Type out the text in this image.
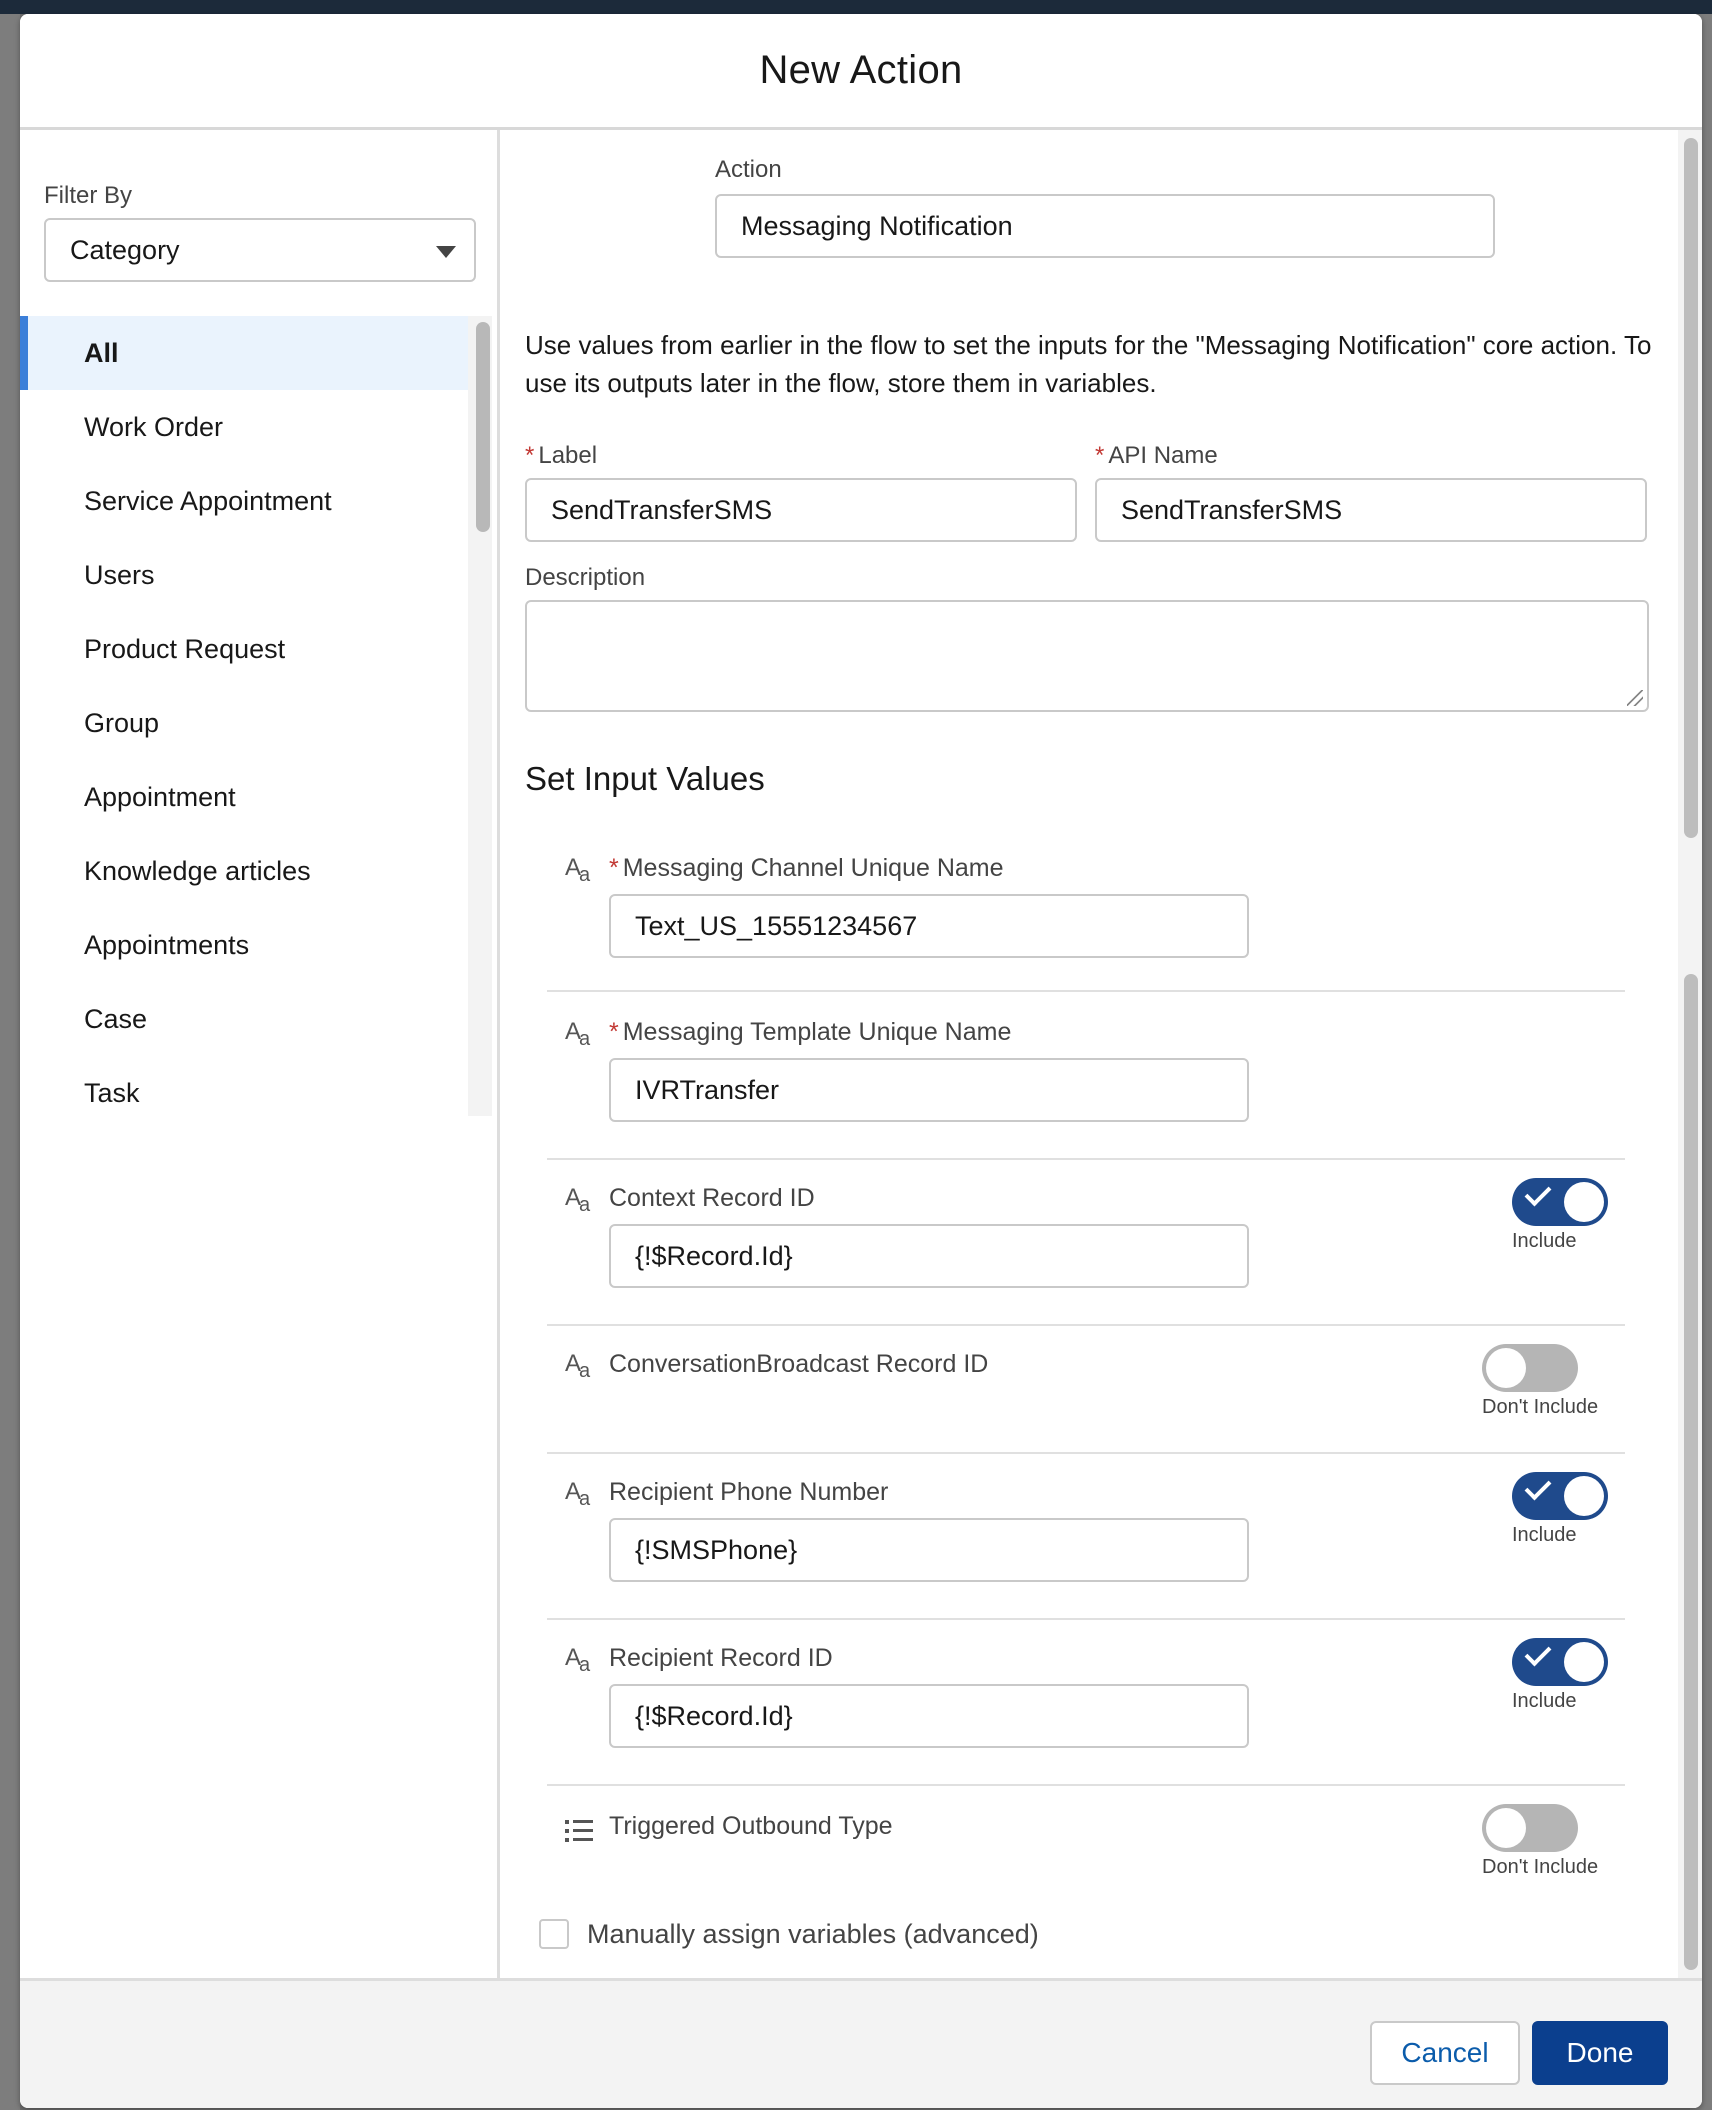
New Action
Filter By
Category
All
Work Order
Service Appointment
Users
Product Request
Group
Appointment
Knowledge articles
Appointments
Case
Task
Action
Messaging Notification
Use values from earlier in the flow to set the inputs for the "Messaging Notification" core action. To use its outputs later in the flow, store them in variables.
* Label
SendTransferSMS
* API Name
SendTransferSMS
Description
Set Input Values
A
a * Messaging Channel Unique Name
Text_US_15551234567
A
a * Messaging Template Unique Name
IVRTransfer
A
a Context Record ID
{!$Record.Id}	Include
A
a ConversationBroadcast Record ID
Don't Include
A
a Recipient Phone Number
{!SMSPhone}	Include
A
a Recipient Record ID
{!$Record.Id}	Include
Triggered Outbound Type
Don't Include
Manually assign variables (advanced)
Cancel	Done
